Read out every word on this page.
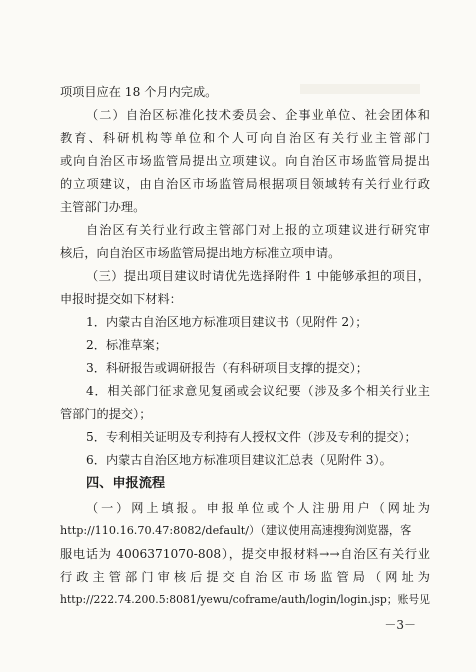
项项目应在 18 个月内完成。
（二）自治区标准化技术委员会、企事业单位、社会团体和
教育、科研机构等单位和个人可向自治区有关行业主管部门
或向自治区市场监管局提出立项建议。向自治区市场监管局提出
的立项建议，由自治区市场监管局根据项目领域转有关行业行政
主管部门办理。
自治区有关行业行政主管部门对上报的立项建议进行研究审
核后，向自治区市场监管局提出地方标准立项申请。
（三）提出项目建议时请优先选择附件 1 中能够承担的项目，
申报时提交如下材料：
1．内蒙古自治区地方标准项目建议书（见附件 2）；
2．标准草案；
3．科研报告或调研报告（有科研项目支撑的提交）；
4．相关部门征求意见复函或会议纪要（涉及多个相关行业主
管部门的提交）；
5．专利相关证明及专利持有人授权文件（涉及专利的提交）；
6．内蒙古自治区地方标准项目建议汇总表（见附件 3）。
四、申报流程
（一）网上填报。申报单位或个人注册用户（网址为
http://110.16.70.47:8082/default/）（建议使用高速搜狗浏览器，客
服电话为 4006371070-808），提交申报材料→→自治区有关行业
行政主管部门审核后提交自治区市场监管局（网址为
http://222.74.200.5:8081/yewu/coframe/auth/login/login.jsp；账号见
－3－
